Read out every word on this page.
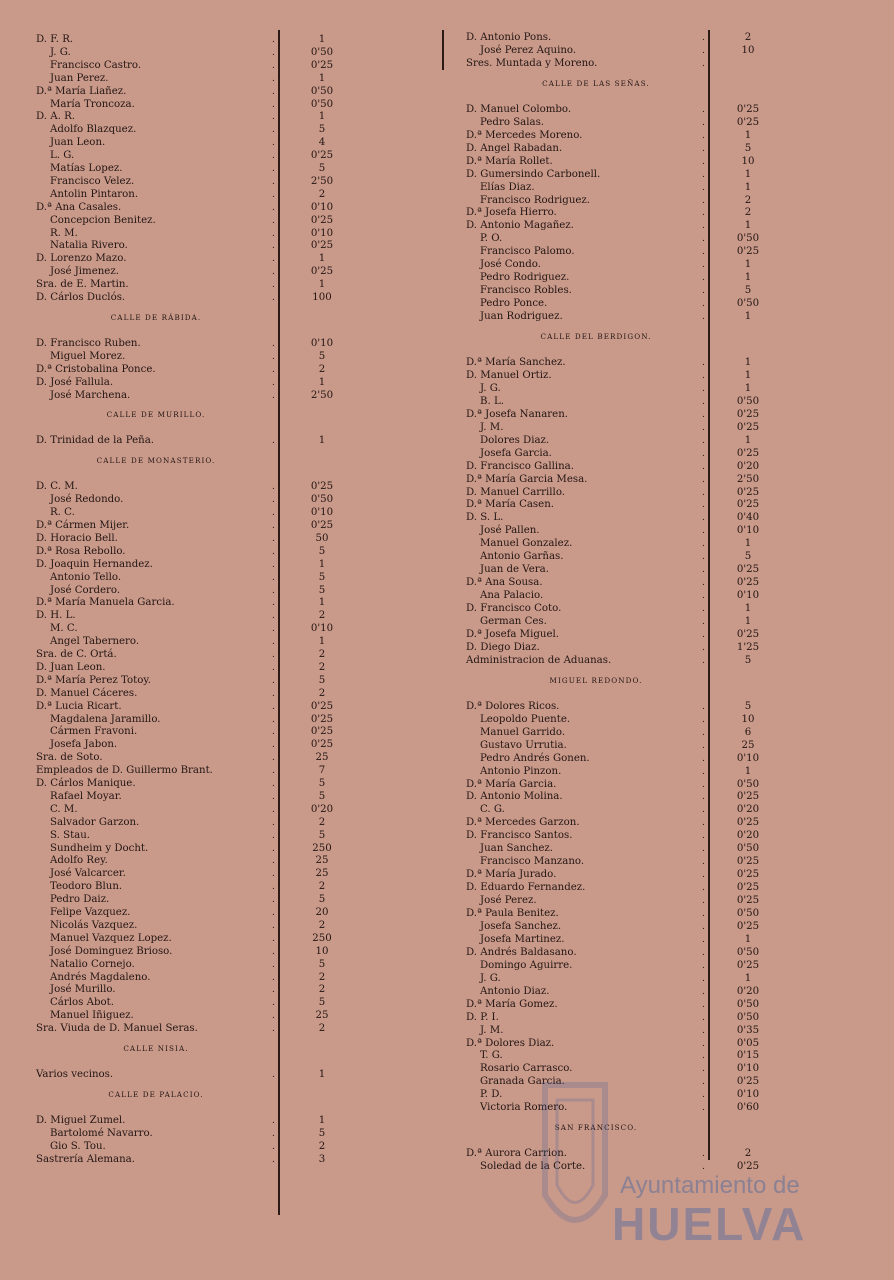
D. F. R.	.	1
J. G.	.	0'50
Francisco Castro.	.	0'25
Juan Perez.	.	1
D.ª María Liañez.	.	0'50
María Troncoza.	.	0'50
D. A. R.	.	1
Adolfo Blazquez.	.	5
Juan Leon.	.	4
L. G.	.	0'25
Matías Lopez.	.	5
Francisco Velez.	.	2'50
Antolin Pintaron.	.	2
D.ª Ana Casales.	.	0'10
Concepcion Benitez.	.	0'25
R. M.	.	0'10
Natalia Rivero.	.	0'25
D. Lorenzo Mazo.	.	1
José Jimenez.	.	0'25
Sra. de E. Martin.	.	1
D. Cárlos Duclós.	.	100
CALLE DE RÁBIDA.
D. Francisco Ruben.	.	0'10
Miguel Morez.	.	5
D.ª Cristobalina Ponce.	.	2
D. José Fallula.	.	1
José Marchena.	.	2'50
CALLE DE MURILLO.
D. Trinidad de la Peña.	.	1
CALLE DE MONASTERIO.
D. C. M.	.	0'25
José Redondo.	.	0'50
R. C.	.	0'10
D.ª Cármen Mijer.	.	0'25
D. Horacio Bell.	.	50
D.ª Rosa Rebollo.	.	5
D. Joaquin Hernandez.	.	1
Antonio Tello.	.	5
José Cordero.	.	5
D.ª María Manuela Garcia.	.	1
D. H. L.	.	2
M. C.	.	0'10
Angel Tabernero.	.	1
Sra. de C. Ortá.	.	2
D. Juan Leon.	.	2
D.ª María Perez Totoy.	.	5
D. Manuel Cáceres.	.	2
D.ª Lucia Ricart.	.	0'25
Magdalena Jaramillo.	.	0'25
Cármen Fravoni.	.	0'25
Josefa Jabon.	.	0'25
Sra. de Soto.	.	25
Empleados de D. Guillermo Brant.	.	7
D. Cárlos Manique.	.	5
Rafael Moyar.	.	5
C. M.	.	0'20
Salvador Garzon.	.	2
S. Stau.	.	5
Sundheim y Docht.	.	250
Adolfo Rey.	.	25
José Valcarcer.	.	25
Teodoro Blun.	.	2
Pedro Daiz.	.	5
Felipe Vazquez.	.	20
Nicolás Vazquez.	.	2
Manuel Vazquez Lopez.	.	250
José Dominguez Brioso.	.	10
Natalio Cornejo.	.	5
Andrés Magdaleno.	.	2
José Murillo.	.	2
Cárlos Abot.	.	5
Manuel Iñiguez.	.	25
Sra. Viuda de D. Manuel Seras.	.	2
CALLE NISIA.
Varios vecinos.	.	1
CALLE DE PALACIO.
D. Miguel Zumel.	.	1
Bartolomé Navarro.	.	5
Gio S. Tou.	.	2
Sastrería Alemana.	.	3
D. Antonio Pons.	.	2
José Perez Aquino.	.	10
Sres. Muntada y Moreno.	.
CALLE DE LAS SEÑAS.
D. Manuel Colombo.	.	0'25
Pedro Salas.	.	0'25
D.ª Mercedes Moreno.	.	1
D. Angel Rabadan.	.	5
D.ª María Rollet.	.	10
D. Gumersindo Carbonell.	.	1
Elías Diaz.	.	1
Francisco Rodriguez.	.	2
D.ª Josefa Hierro.	.	2
D. Antonio Magañez.	.	1
P. O.	.	0'50
Francisco Palomo.	.	0'25
José Condo.	.	1
Pedro Rodriguez.	.	1
Francisco Robles.	.	5
Pedro Ponce.	.	0'50
Juan Rodriguez.	.	1
CALLE DEL BERDIGON.
D.ª María Sanchez.	.	1
D. Manuel Ortiz.	.	1
J. G.	.	1
B. L.	.	0'50
D.ª Josefa Nanaren.	.	0'25
J. M.	.	0'25
Dolores Diaz.	.	1
Josefa Garcia.	.	0'25
D. Francisco Gallina.	.	0'20
D.ª María Garcia Mesa.	.	2'50
D. Manuel Carrillo.	.	0'25
D.ª María Casen.	.	0'25
D. S. L.	.	0'40
José Pallen.	.	0'10
Manuel Gonzalez.	.	1
Antonio Garñas.	.	5
Juan de Vera.	.	0'25
D.ª Ana Sousa.	.	0'25
Ana Palacio.	.	0'10
D. Francisco Coto.	.	1
German Ces.	.	1
D.ª Josefa Miguel.	.	0'25
D. Diego Diaz.	.	1'25
Administracion de Aduanas.	.	5
MIGUEL REDONDO.
D.ª Dolores Ricos.	.	5
Leopoldo Puente.	.	10
Manuel Garrido.	.	6
Gustavo Urrutia.	.	25
Pedro Andrés Gonen.	.	0'10
Antonio Pinzon.	.	1
D.ª María Garcia.	.	0'50
D. Antonio Molina.	.	0'25
C. G.	.	0'20
D.ª Mercedes Garzon.	.	0'25
D. Francisco Santos.	.	0'20
Juan Sanchez.	.	0'50
Francisco Manzano.	.	0'25
D.ª María Jurado.	.	0'25
D. Eduardo Fernandez.	.	0'25
José Perez.	.	0'25
D.ª Paula Benitez.	.	0'50
Josefa Sanchez.	.	0'25
Josefa Martinez.	.	1
D. Andrés Baldasano.	.	0'50
Domingo Aguirre.	.	0'25
J. G.	.	1
Antonio Diaz.	.	0'20
D.ª María Gomez.	.	0'50
D. P. I.	.	0'50
J. M.	.	0'35
D.ª Dolores Diaz.	.	0'05
T. G.	.	0'15
Rosario Carrasco.	.	0'10
Granada Garcia.	.	0'25
P. D.	.	0'10
Victoria Romero.	.	0'60
SAN FRANCISCO.
D.ª Aurora Carrion.	.	2
Soledad de la Corte.	.	0'25
Ayuntamiento de
HUELVA
